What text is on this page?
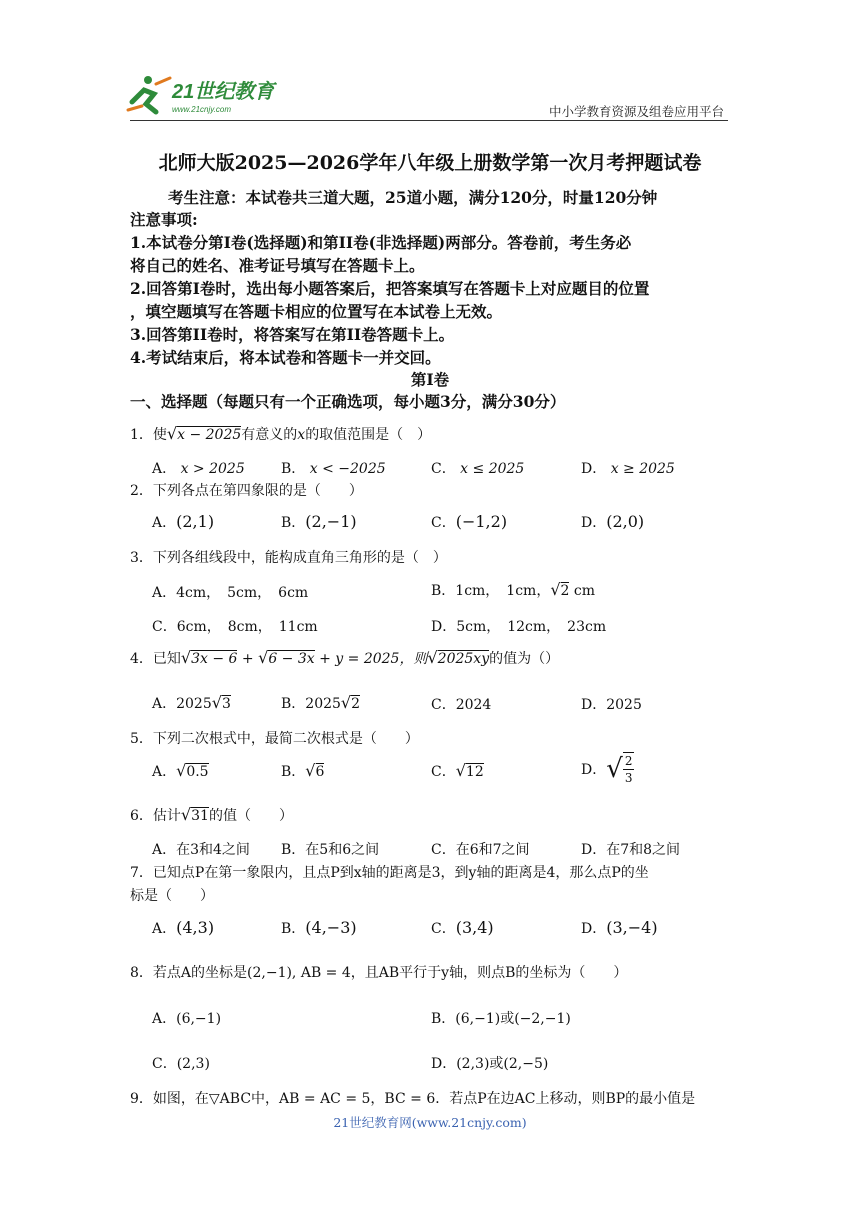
21世纪教育
www.21cnjy.com	中小学教育资源及组卷应用平台
北师大版2025—2026学年八年级上册数学第一次月考押题试卷
考生注意：本试卷共三道大题，25道小题，满分120分，时量120分钟
注意事项:
1.本试卷分第Ⅰ卷(选择题)和第II卷(非选择题)两部分。答卷前，考生务必
将自己的姓名、准考证号填写在答题卡上。
2.回答第Ⅰ卷时，选出每小题答案后，把答案填写在答题卡上对应题目的位置
，填空题填写在答题卡相应的位置写在本试卷上无效。
3.回答第II卷时，将答案写在第II卷答题卡上。
4.考试结束后，将本试卷和答题卡一并交回。
第Ⅰ卷
一、选择题（每题只有一个正确选项，每小题3分，满分30分）
1．使√x − 2025有意义的x的取值范围是（　）
A． x > 2025	B． x < −2025	C． x ≤ 2025	D． x ≥ 2025
2．下列各点在第四象限的是（　　）
A．(2,1)	B．(2,−1)	C．(−1,2)	D．(2,0)
3．下列各组线段中，能构成直角三角形的是（　）
A．4cm，　5cm，　6cm	B．1cm，　1cm，√2 cm
C．6cm，　8cm，　11cm	D．5cm，　12cm，　23cm
4．已知√3x − 6 + √6 − 3x + y = 2025，则√2025xy的值为（）
A．2025√3	B．2025√2	C．2024	D．2025
5．下列二次根式中，最简二次根式是（　　）
A．√0.5	B．√6	C．√12	D．√ $\frac{2}{3}$
6．估计√31的值（　　）
A．在3和4之间 B．在5和6之间	C．在6和7之间	D．在7和8之间
7．已知点P在第一象限内，且点P到x轴的距离是3，到y轴的距离是4，那么点P的坐
标是（　　）
A．(4,3)	B．(4,−3)	C．(3,4)	D．(3,−4)
8．若点A的坐标是(2,−1), AB = 4，且AB平行于y轴，则点B的坐标为（　　）
A．(6,−1)	B．(6,−1)或(−2,−1)
C．(2,3)	D．(2,3)或(2,−5)
9．如图，在▽ABC中，AB = AC = 5，BC = 6．若点P在边AC上移动，则BP的最小值是
21世纪教育网(www.21cnjy.com)
